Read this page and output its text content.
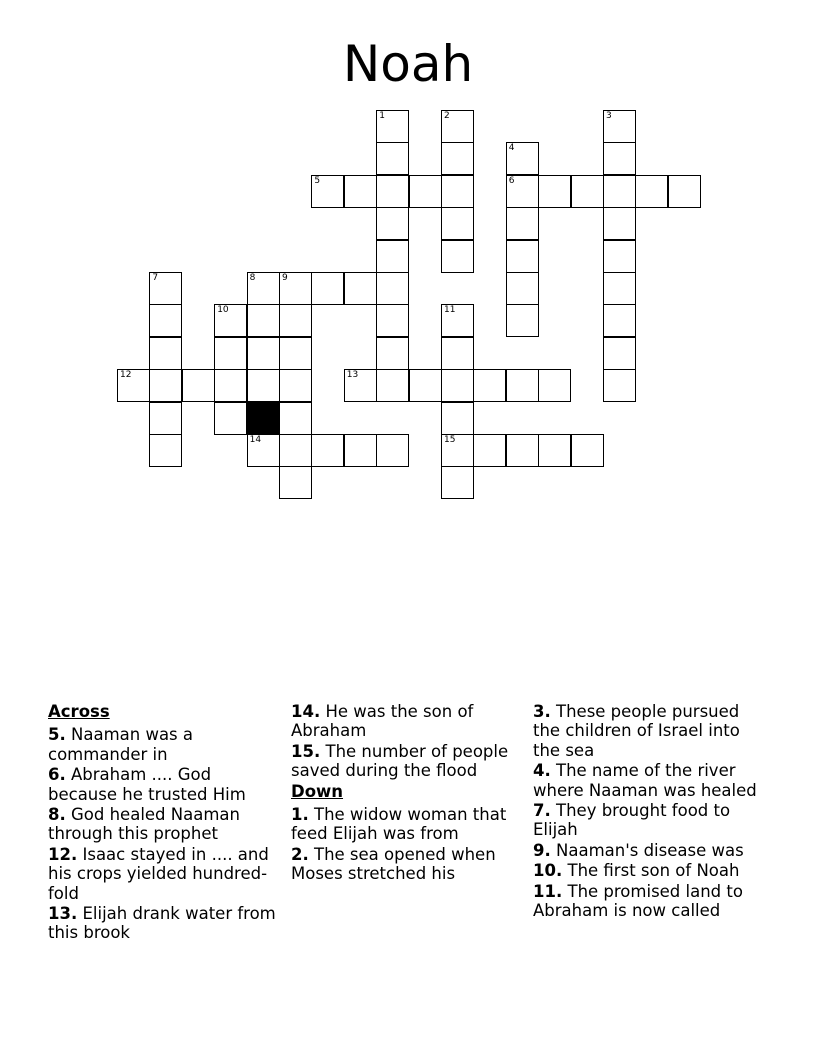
Noah
1	2	3
4
5	6
7	8	9
10	11
12	13
14	15
Across
5. Naaman was a commander in
6. Abraham .... God because he trusted Him
8. God healed Naaman through this prophet
12. Isaac stayed in .... and his crops yielded hundred-fold
13. Elijah drank water from this brook
14. He was the son of Abraham
15. The number of people saved during the flood
Down
1. The widow woman that feed Elijah was from
2. The sea opened when Moses stretched his
3. These people pursued the children of Israel into the sea
4. The name of the river where Naaman was healed
7. They brought food to Elijah
9. Naaman's disease was
10. The first son of Noah
11. The promised land to Abraham is now called
